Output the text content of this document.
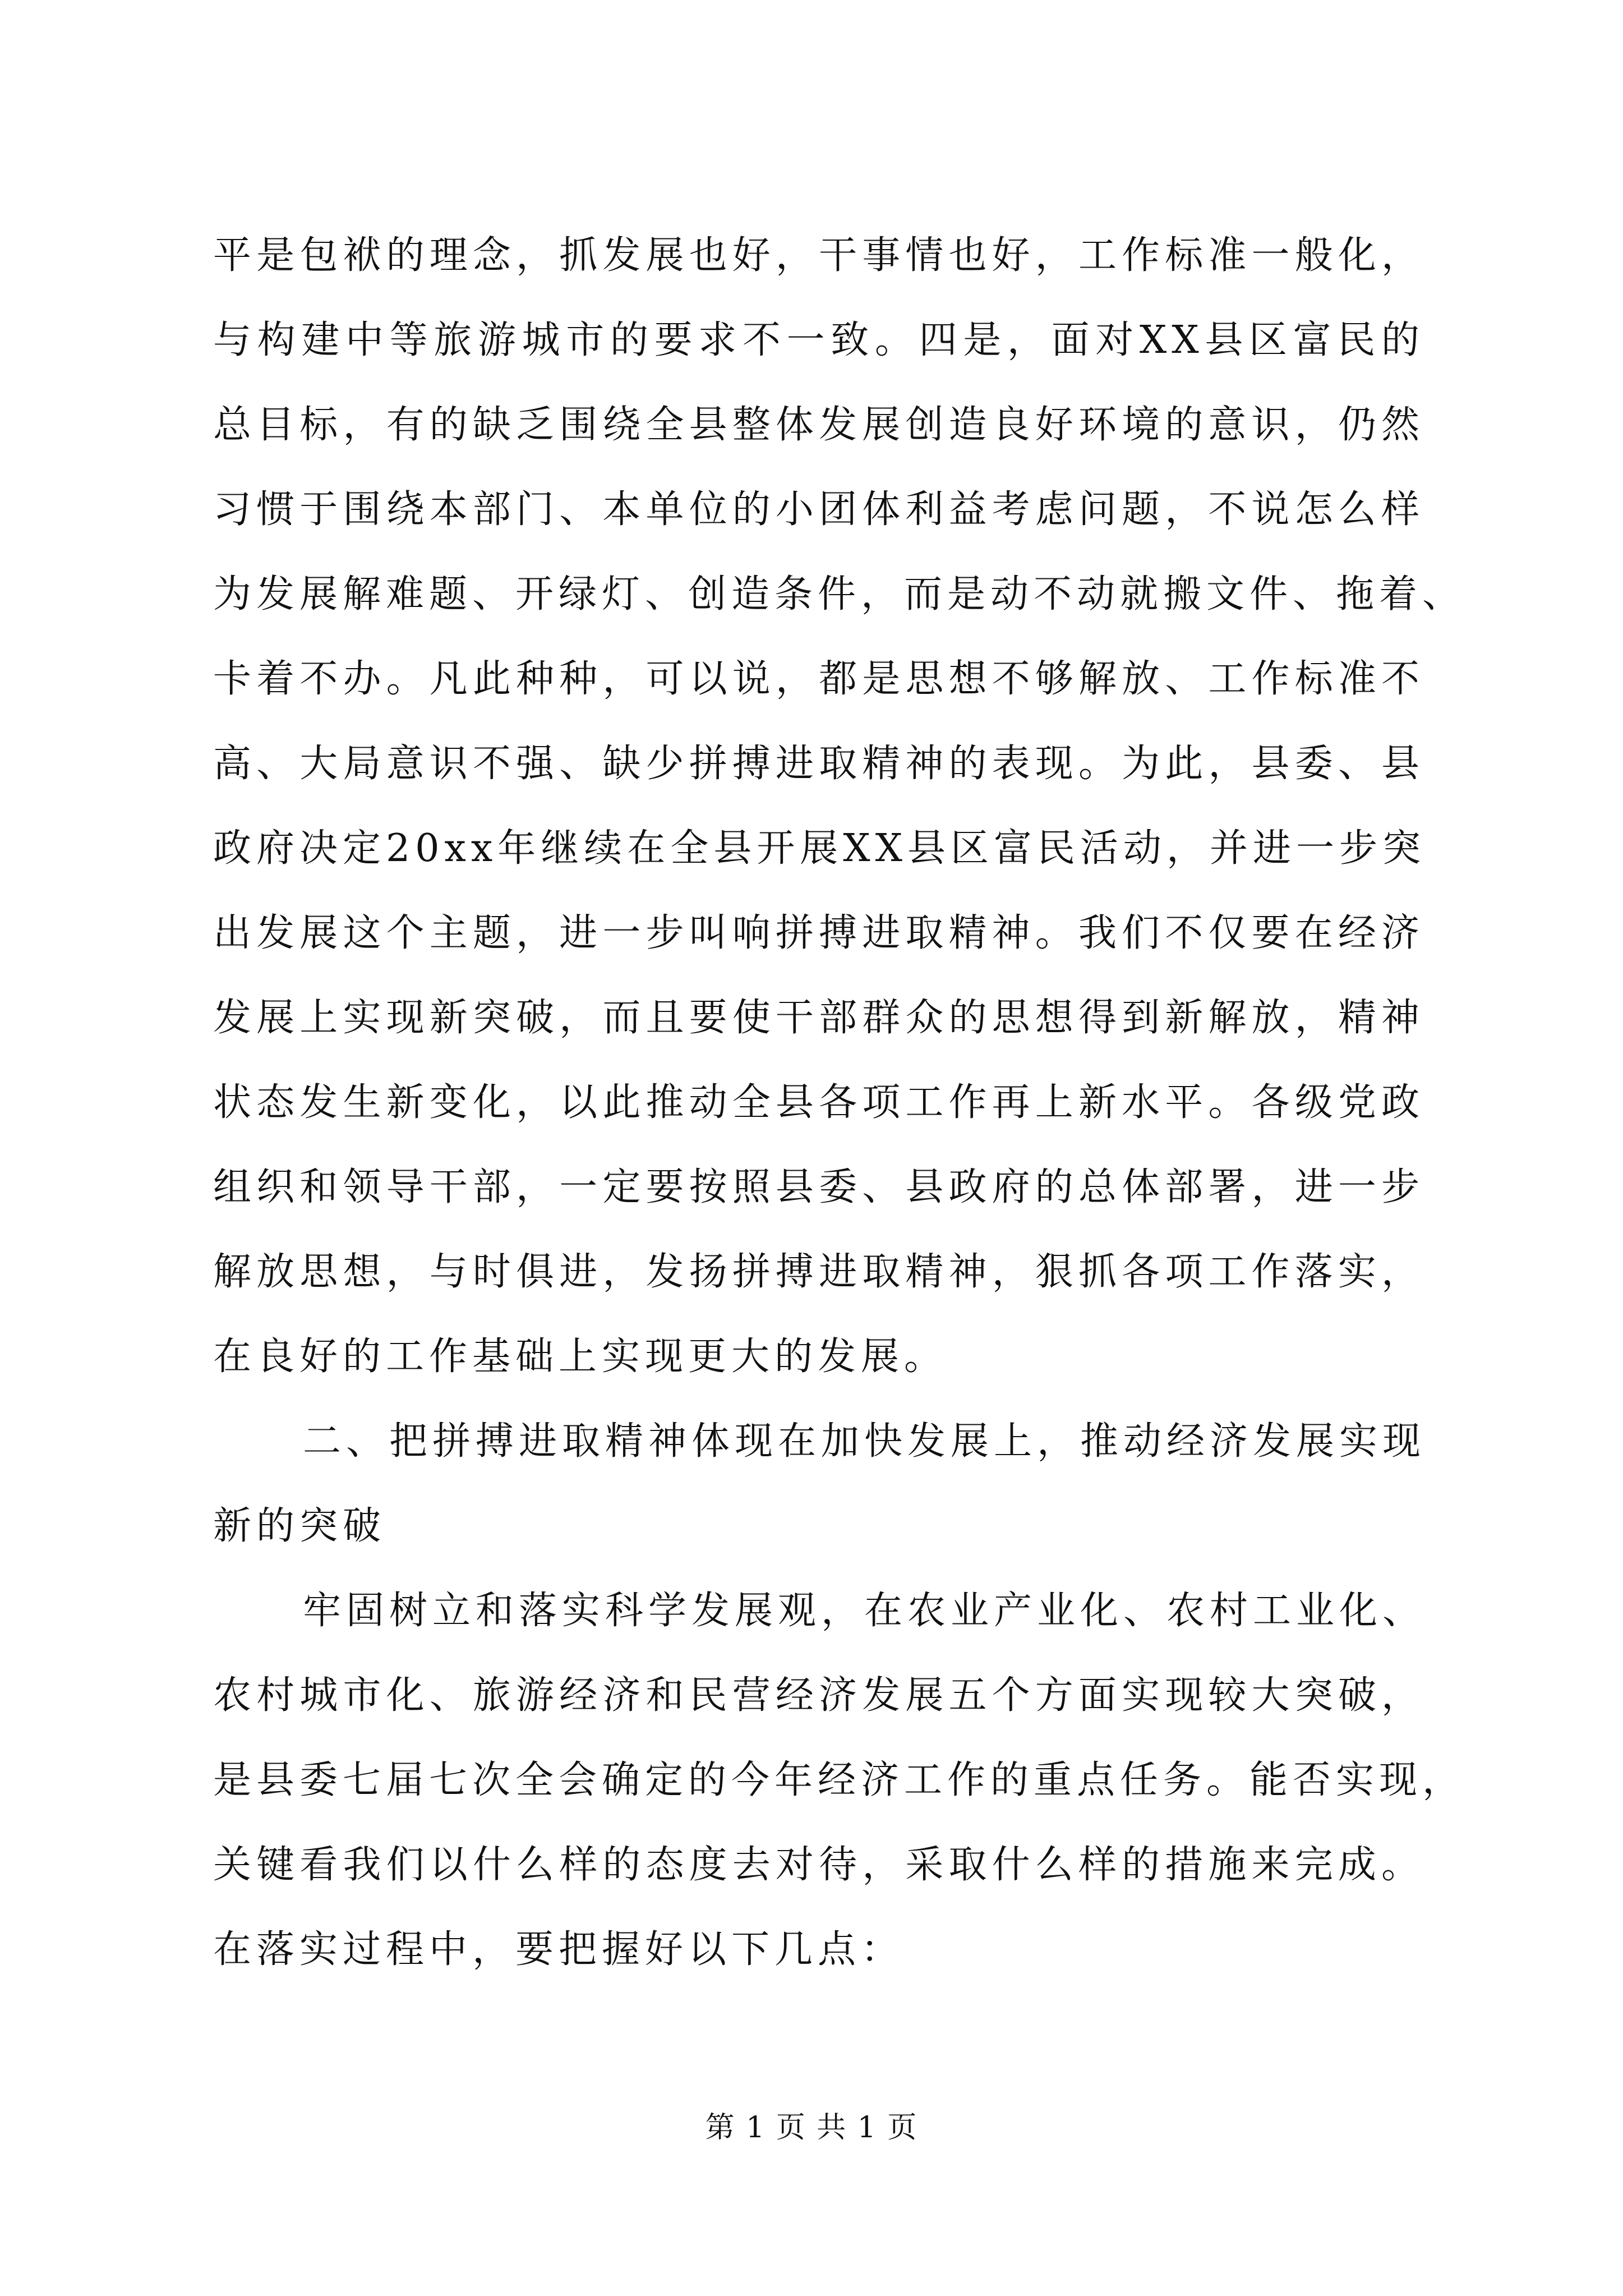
平是包袱的理念，抓发展也好，干事情也好，工作标准一般化，
与构建中等旅游城市的要求不一致。四是，面对XX县区富民的
总目标，有的缺乏围绕全县整体发展创造良好环境的意识，仍然
习惯于围绕本部门、本单位的小团体利益考虑问题，不说怎么样
为发展解难题、开绿灯、创造条件，而是动不动就搬文件、拖着、
卡着不办。凡此种种，可以说，都是思想不够解放、工作标准不
高、大局意识不强、缺少拼搏进取精神的表现。为此，县委、县
政府决定20xx年继续在全县开展XX县区富民活动，并进一步突
出发展这个主题，进一步叫响拼搏进取精神。我们不仅要在经济
发展上实现新突破，而且要使干部群众的思想得到新解放，精神
状态发生新变化，以此推动全县各项工作再上新水平。各级党政
组织和领导干部，一定要按照县委、县政府的总体部署，进一步
解放思想，与时俱进，发扬拼搏进取精神，狠抓各项工作落实，
在良好的工作基础上实现更大的发展。
二、把拼搏进取精神体现在加快发展上，推动经济发展实现
新的突破
牢固树立和落实科学发展观，在农业产业化、农村工业化、
农村城市化、旅游经济和民营经济发展五个方面实现较大突破，
是县委七届七次全会确定的今年经济工作的重点任务。能否实现，
关键看我们以什么样的态度去对待，采取什么样的措施来完成。
在落实过程中，要把握好以下几点：
第 1 页 共 1 页
